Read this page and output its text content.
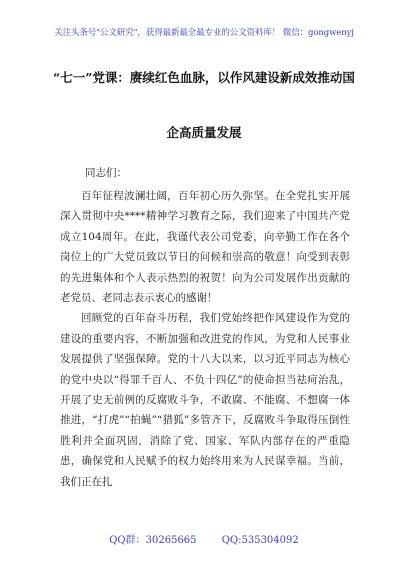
关注头条号"公文研究"，获得最新最全最专业的公文资料库！ 微信：gongwenyj
“七一”党课：赓续红色血脉，以作风建设新成效推动国
企高质量发展
同志们：

百年征程波澜壮阔，百年初心历久弥坚。在全党扎实开展深入贯彻中央****精神学习教育之际，我们迎来了中国共产党成立104周年。在此，我谨代表公司党委，向辛勤工作在各个岗位上的广大党员致以节日的问候和崇高的敬意！向受到表彰的先进集体和个人表示热烈的祝贺！向为公司发展作出贡献的老党员、老同志表示衷心的感谢！

回顾党的百年奋斗历程，我们党始终把作风建设作为党的建设的重要内容，不断加强和改进党的作风，为党和人民事业发展提供了坚强保障。党的十八大以来，以习近平同志为核心的党中央以“得罪千百人、不负十四亿”的使命担当祛疴治乱，开展了史无前例的反腐败斗争，不敢腐、不能腐、不想腐一体推进，“打虎”“拍蝇”“猎狐”多管齐下，反腐败斗争取得压倒性胜利并全面巩固，消除了党、国家、军队内部存在的严重隐患，确保党和人民赋予的权力始终用来为人民谋幸福。当前，我们正在扎

QQ群：30265665	QQ:535304092
